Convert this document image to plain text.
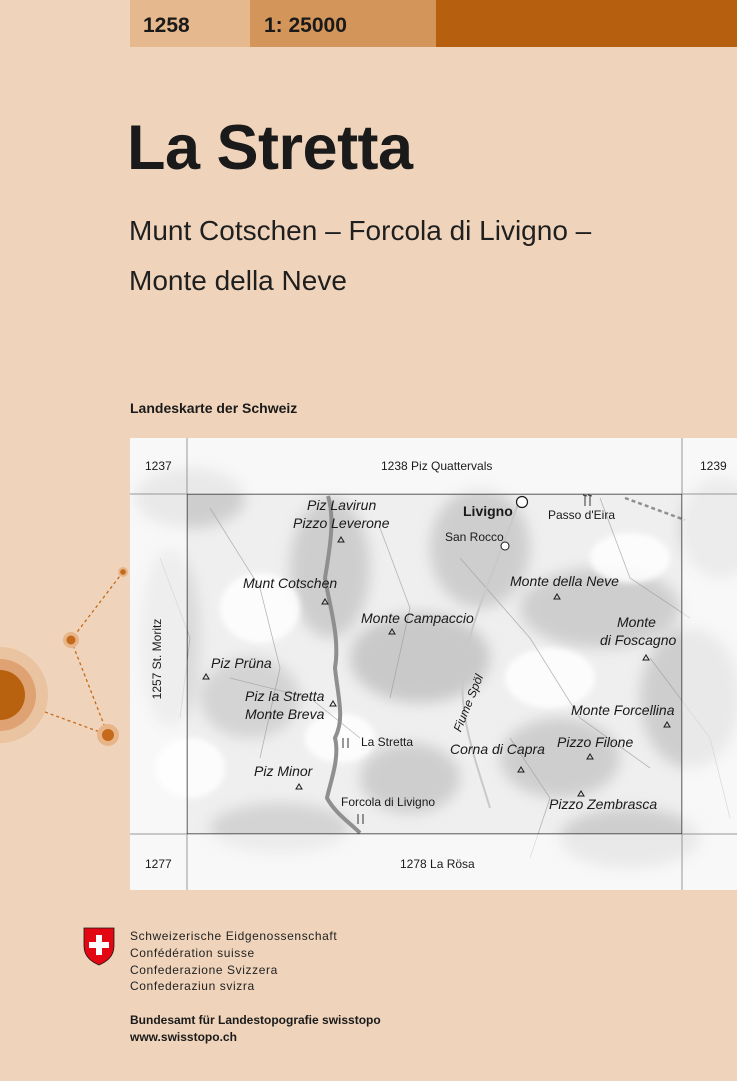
1258	1: 25000
La Stretta
Munt Cotschen – Forcola di Livigno –
Monte della Neve
Landeskarte der Schweiz
1237	1238 Piz Quattervals	1239
1277	1278 La Rösa
1257 St. Moritz
Piz Lavirun
Pizzo Leverone
Livigno	Passo d'Eira
San Rocco
Munt Cotschen	Monte della Neve
Monte Campaccio	Monte
di Foscagno
Piz Prüna
Fiume Spöl
Piz la Stretta
Monte Breva	Monte Forcellina
La Stretta	Pizzo Filone
Corna di Capra
Piz Minor
Pizzo Zembrasca
Forcola di Livigno
Schweizerische Eidgenossenschaft
Confédération suisse
Confederazione Svizzera
Confederaziun svizra
Bundesamt für Landestopografie swisstopo
www.swisstopo.ch
